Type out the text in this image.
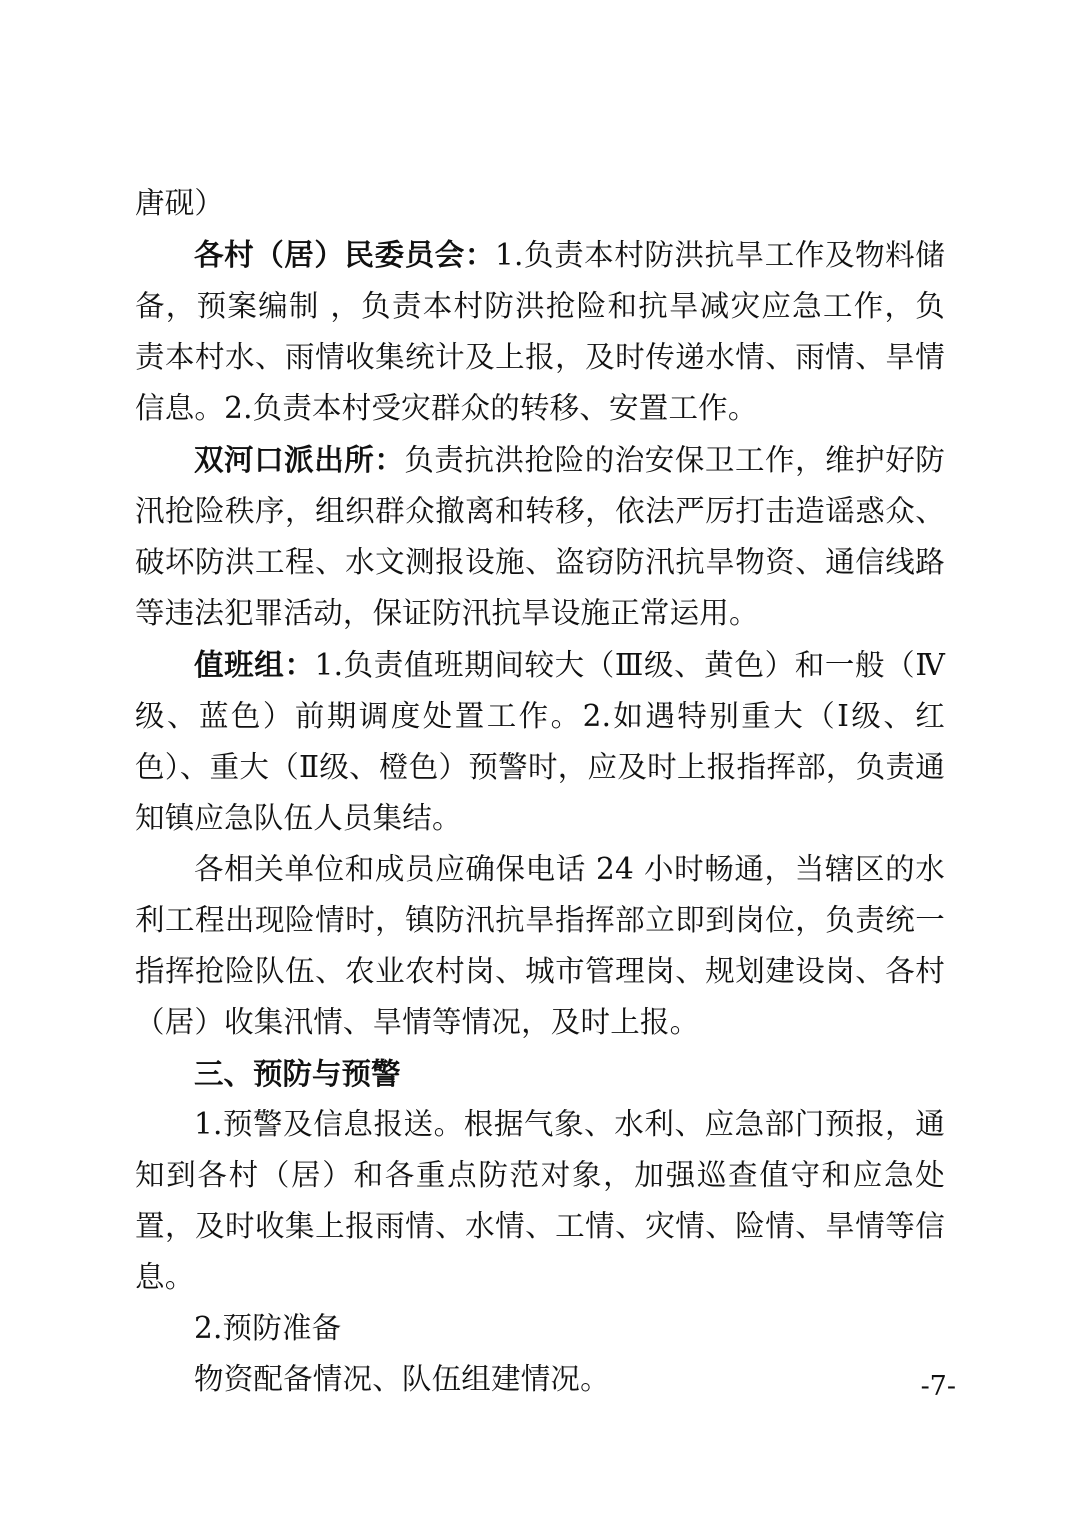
唐砚）

各村（居）民委员会：1.负责本村防洪抗旱工作及物料储备，预案编制 ，负责本村防洪抢险和抗旱减灾应急工作，负责本村水、雨情收集统计及上报，及时传递水情、雨情、旱情信息。2.负责本村受灾群众的转移、安置工作。

双河口派出所：负责抗洪抢险的治安保卫工作，维护好防汛抢险秩序，组织群众撤离和转移，依法严厉打击造谣惑众、破坏防洪工程、水文测报设施、盗窃防汛抗旱物资、通信线路等违法犯罪活动，保证防汛抗旱设施正常运用。

值班组：1.负责值班期间较大（Ⅲ级、黄色）和一般（Ⅳ级、蓝色）前期调度处置工作。2.如遇特别重大（Ⅰ级、红色）、重大（Ⅱ级、橙色）预警时，应及时上报指挥部，负责通知镇应急队伍人员集结。

各相关单位和成员应确保电话 24 小时畅通，当辖区的水利工程出现险情时，镇防汛抗旱指挥部立即到岗位，负责统一指挥抢险队伍、农业农村岗、城市管理岗、规划建设岗、各村（居）收集汛情、旱情等情况，及时上报。

三、预防与预警

1.预警及信息报送。根据气象、水利、应急部门预报，通知到各村（居）和各重点防范对象，加强巡查值守和应急处置，及时收集上报雨情、水情、工情、灾情、险情、旱情等信息。

2.预防准备

物资配备情况、队伍组建情况。	-7-
